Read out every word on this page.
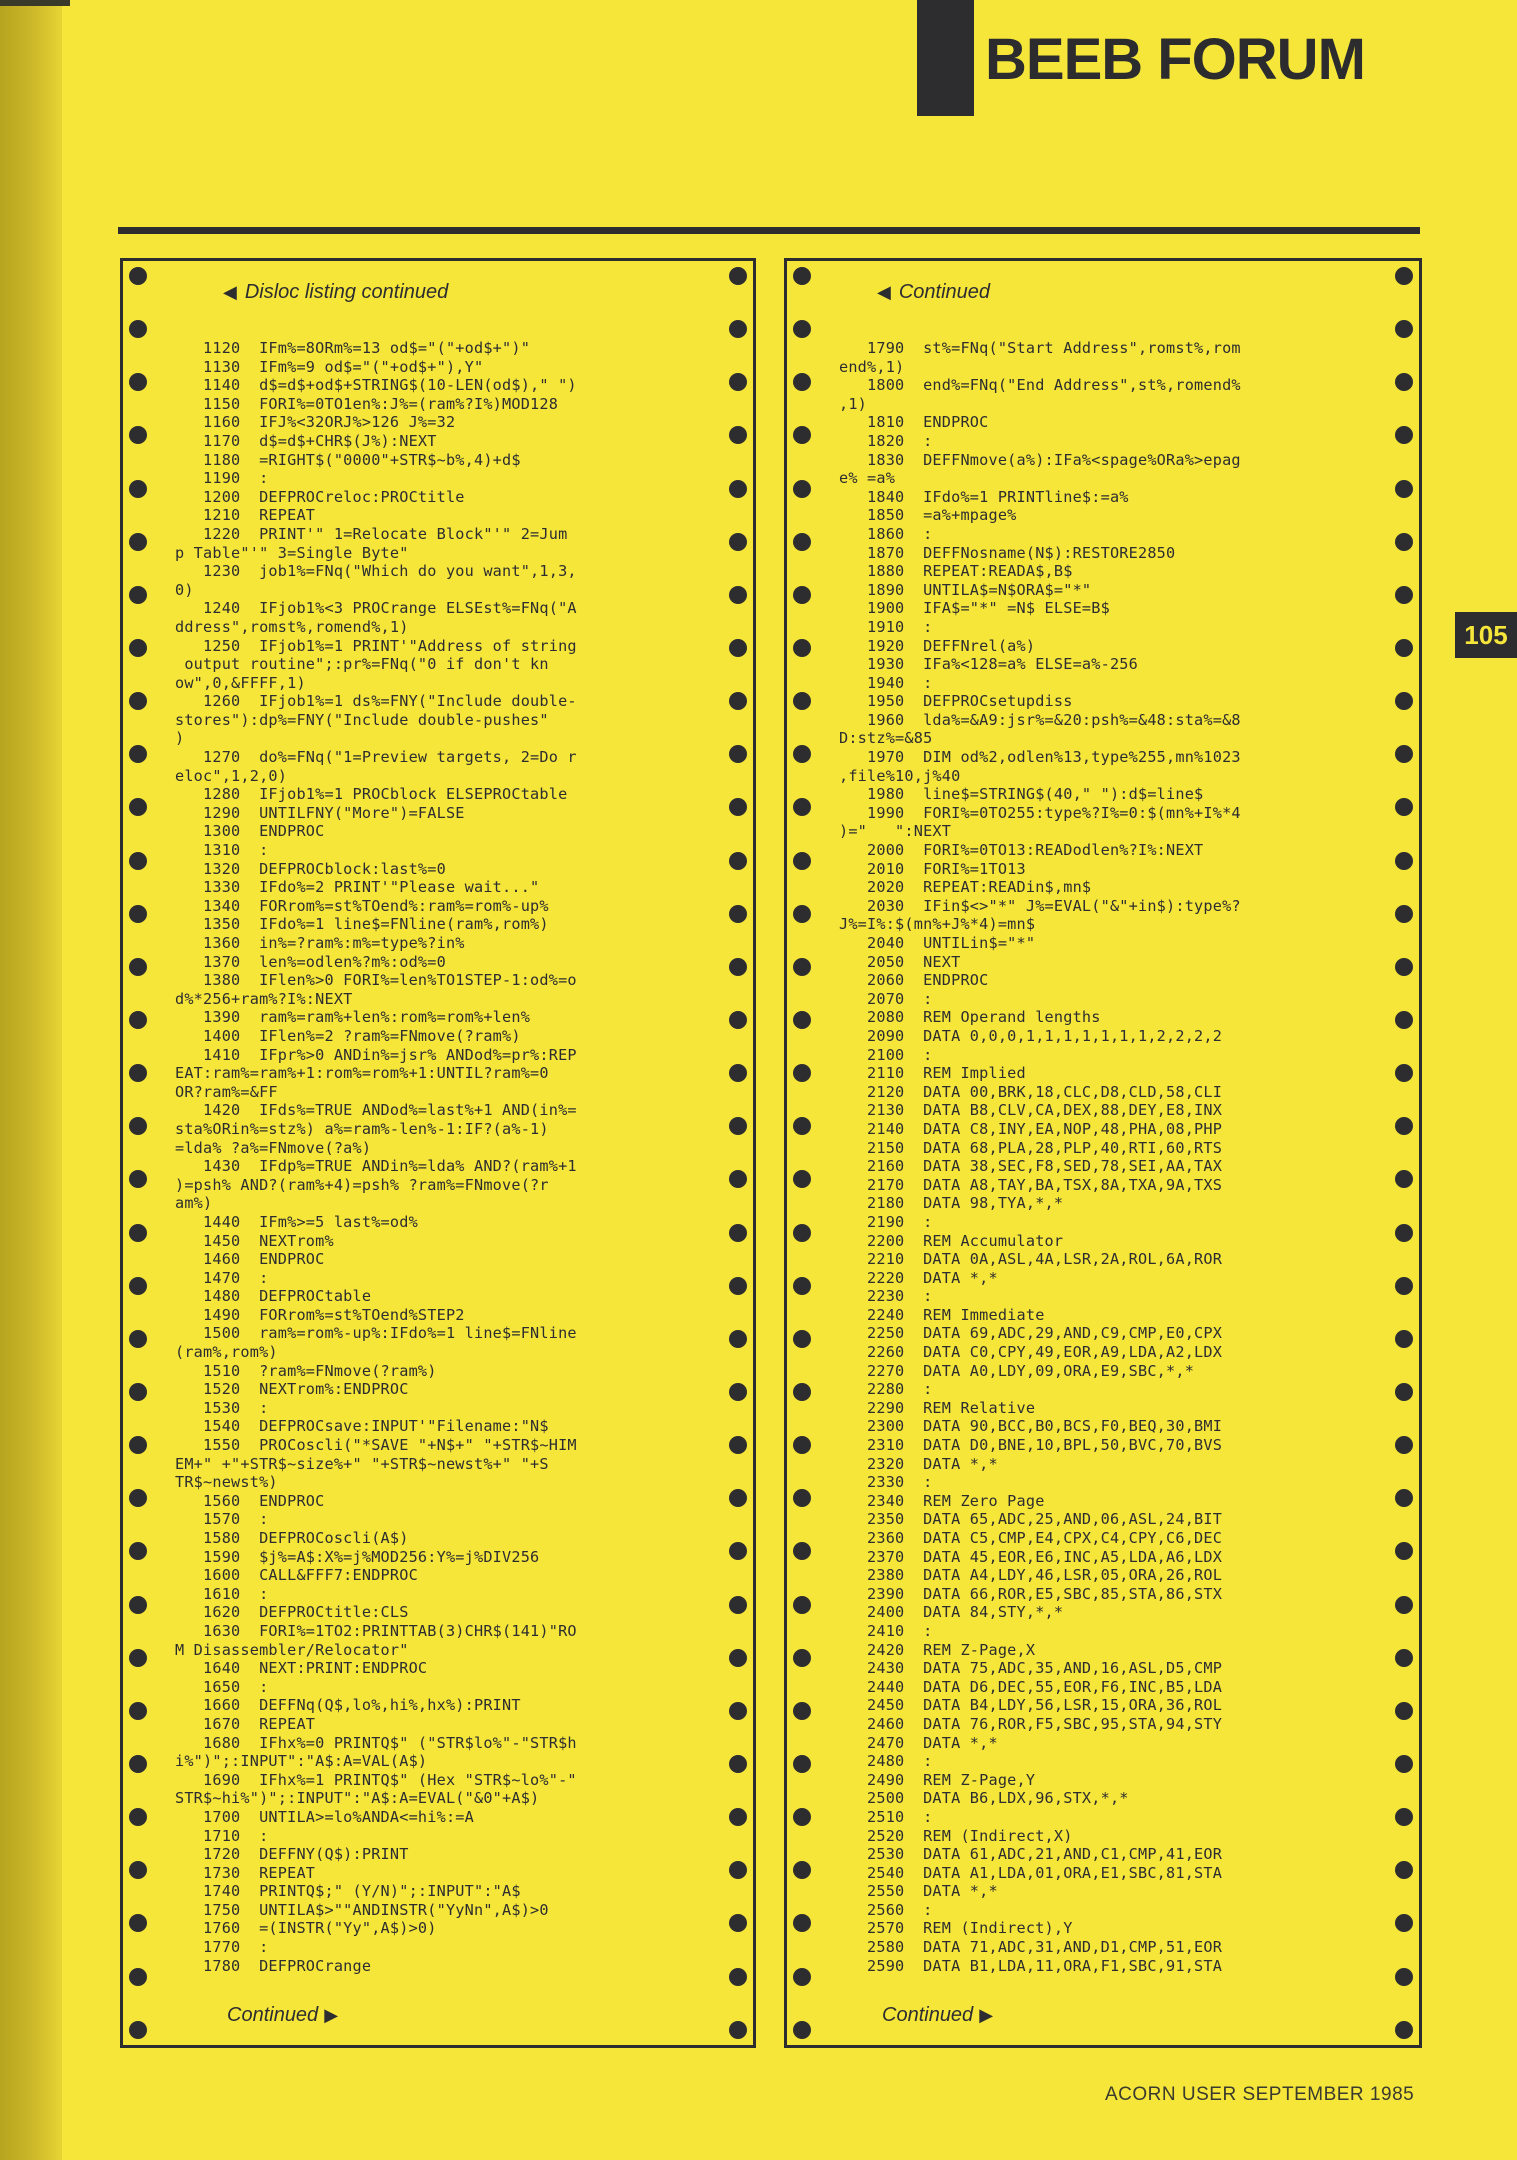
BEEB FORUM
105
◀ Disloc listing continued
1120  IFm%=8ORm%=13 od$="("+od$+")"
1130  IFm%=9 od$="("+od$+"),Y"
1140  d$=d$+od$+STRING$(10-LEN(od$)," ")
1150  FORI%=0TO1en%:J%=(ram%?I%)MOD128
1160  IFJ%<32ORJ%>126 J%=32
1170  d$=d$+CHR$(J%):NEXT
1180  =RIGHT$("0000"+STR$~b%,4)+d$
1190  :
1200  DEFPROCreloc:PROCtitle
1210  REPEAT
1220  PRINT'" 1=Relocate Block"'" 2=Jum
p Table"'" 3=Single Byte"
1230  job1%=FNq("Which do you want",1,3,
0)
1240  IFjob1%<3 PROCrange ELSEst%=FNq("A
ddress",romst%,romend%,1)
1250  IFjob1%=1 PRINT'"Address of string
output routine";:pr%=FNq("0 if don't kn
ow",0,&FFFF,1)
1260  IFjob1%=1 ds%=FNY("Include double-
stores"):dp%=FNY("Include double-pushes"
)
1270  do%=FNq("1=Preview targets, 2=Do r
eloc",1,2,0)
1280  IFjob1%=1 PROCblock ELSEPROCtable
1290  UNTILFNY("More")=FALSE
1300  ENDPROC
1310  :
1320  DEFPROCblock:last%=0
1330  IFdo%=2 PRINT'"Please wait..."
1340  FORrom%=st%TOend%:ram%=rom%-up%
1350  IFdo%=1 line$=FNline(ram%,rom%)
1360  in%=?ram%:m%=type%?in%
1370  len%=odlen%?m%:od%=0
1380  IFlen%>0 FORI%=len%TO1STEP-1:od%=o
d%*256+ram%?I%:NEXT
1390  ram%=ram%+len%:rom%=rom%+len%
1400  IFlen%=2 ?ram%=FNmove(?ram%)
1410  IFpr%>0 ANDin%=jsr% ANDod%=pr%:REP
EAT:ram%=ram%+1:rom%=rom%+1:UNTIL?ram%=0
OR?ram%=&FF
1420  IFds%=TRUE ANDod%=last%+1 AND(in%=
sta%ORin%=stz%) a%=ram%-len%-1:IF?(a%-1)
=lda% ?a%=FNmove(?a%)
1430  IFdp%=TRUE ANDin%=lda% AND?(ram%+1
)=psh% AND?(ram%+4)=psh% ?ram%=FNmove(?r
am%)
1440  IFm%>=5 last%=od%
1450  NEXTrom%
1460  ENDPROC
1470  :
1480  DEFPROCtable
1490  FORrom%=st%TOend%STEP2
1500  ram%=rom%-up%:IFdo%=1 line$=FNline
(ram%,rom%)
1510  ?ram%=FNmove(?ram%)
1520  NEXTrom%:ENDPROC
1530  :
1540  DEFPROCsave:INPUT'"Filename:"N$
1550  PROCoscli("*SAVE "+N$+" "+STR$~HIM
EM+" +"+STR$~size%+" "+STR$~newst%+" "+S
TR$~newst%)
1560  ENDPROC
1570  :
1580  DEFPROCoscli(A$)
1590  $j%=A$:X%=j%MOD256:Y%=j%DIV256
1600  CALL&FFF7:ENDPROC
1610  :
1620  DEFPROCtitle:CLS
1630  FORI%=1TO2:PRINTTAB(3)CHR$(141)"RO
M Disassembler/Relocator"
1640  NEXT:PRINT:ENDPROC
1650  :
1660  DEFFNq(Q$,lo%,hi%,hx%):PRINT
1670  REPEAT
1680  IFhx%=0 PRINTQ$" ("STR$lo%"-"STR$h
i%")";:INPUT":"A$:A=VAL(A$)
1690  IFhx%=1 PRINTQ$" (Hex "STR$~lo%"-"
STR$~hi%")";:INPUT":"A$:A=EVAL("&0"+A$)
1700  UNTILA>=lo%ANDA<=hi%:=A
1710  :
1720  DEFFNY(Q$):PRINT
1730  REPEAT
1740  PRINTQ$;" (Y/N)";:INPUT":"A$
1750  UNTILA$>""ANDINSTR("YyNn",A$)>0
1760  =(INSTR("Yy",A$)>0)
1770  :
1780  DEFPROCrange
Continued ▶
◀ Continued
1790  st%=FNq("Start Address",romst%,rom
end%,1)
1800  end%=FNq("End Address",st%,romend%
,1)
1810  ENDPROC
1820  :
1830  DEFFNmove(a%):IFa%<spage%ORa%>epag
e% =a%
1840  IFdo%=1 PRINTline$:=a%
1850  =a%+mpage%
1860  :
1870  DEFFNosname(N$):RESTORE2850
1880  REPEAT:READA$,B$
1890  UNTILA$=N$ORA$="*"
1900  IFA$="*" =N$ ELSE=B$
1910  :
1920  DEFFNrel(a%)
1930  IFa%<128=a% ELSE=a%-256
1940  :
1950  DEFPROCsetupdiss
1960  lda%=&A9:jsr%=&20:psh%=&48:sta%=&8
D:stz%=&85
1970  DIM od%2,odlen%13,type%255,mn%1023
,file%10,j%40
1980  line$=STRING$(40," "):d$=line$
1990  FORI%=0TO255:type%?I%=0:$(mn%+I%*4
)="   ":NEXT
2000  FORI%=0TO13:READodlen%?I%:NEXT
2010  FORI%=1TO13
2020  REPEAT:READin$,mn$
2030  IFin$<>"*" J%=EVAL("&"+in$):type%?
J%=I%:$(mn%+J%*4)=mn$
2040  UNTILin$="*"
2050  NEXT
2060  ENDPROC
2070  :
2080  REM Operand lengths
2090  DATA 0,0,0,1,1,1,1,1,1,1,2,2,2,2
2100  :
2110  REM Implied
2120  DATA 00,BRK,18,CLC,D8,CLD,58,CLI
2130  DATA B8,CLV,CA,DEX,88,DEY,E8,INX
2140  DATA C8,INY,EA,NOP,48,PHA,08,PHP
2150  DATA 68,PLA,28,PLP,40,RTI,60,RTS
2160  DATA 38,SEC,F8,SED,78,SEI,AA,TAX
2170  DATA A8,TAY,BA,TSX,8A,TXA,9A,TXS
2180  DATA 98,TYA,*,*
2190  :
2200  REM Accumulator
2210  DATA 0A,ASL,4A,LSR,2A,ROL,6A,ROR
2220  DATA *,*
2230  :
2240  REM Immediate
2250  DATA 69,ADC,29,AND,C9,CMP,E0,CPX
2260  DATA C0,CPY,49,EOR,A9,LDA,A2,LDX
2270  DATA A0,LDY,09,ORA,E9,SBC,*,*
2280  :
2290  REM Relative
2300  DATA 90,BCC,B0,BCS,F0,BEQ,30,BMI
2310  DATA D0,BNE,10,BPL,50,BVC,70,BVS
2320  DATA *,*
2330  :
2340  REM Zero Page
2350  DATA 65,ADC,25,AND,06,ASL,24,BIT
2360  DATA C5,CMP,E4,CPX,C4,CPY,C6,DEC
2370  DATA 45,EOR,E6,INC,A5,LDA,A6,LDX
2380  DATA A4,LDY,46,LSR,05,ORA,26,ROL
2390  DATA 66,ROR,E5,SBC,85,STA,86,STX
2400  DATA 84,STY,*,*
2410  :
2420  REM Z-Page,X
2430  DATA 75,ADC,35,AND,16,ASL,D5,CMP
2440  DATA D6,DEC,55,EOR,F6,INC,B5,LDA
2450  DATA B4,LDY,56,LSR,15,ORA,36,ROL
2460  DATA 76,ROR,F5,SBC,95,STA,94,STY
2470  DATA *,*
2480  :
2490  REM Z-Page,Y
2500  DATA B6,LDX,96,STX,*,*
2510  :
2520  REM (Indirect,X)
2530  DATA 61,ADC,21,AND,C1,CMP,41,EOR
2540  DATA A1,LDA,01,ORA,E1,SBC,81,STA
2550  DATA *,*
2560  :
2570  REM (Indirect),Y
2580  DATA 71,ADC,31,AND,D1,CMP,51,EOR
2590  DATA B1,LDA,11,ORA,F1,SBC,91,STA
Continued ▶
ACORN USER SEPTEMBER 1985
